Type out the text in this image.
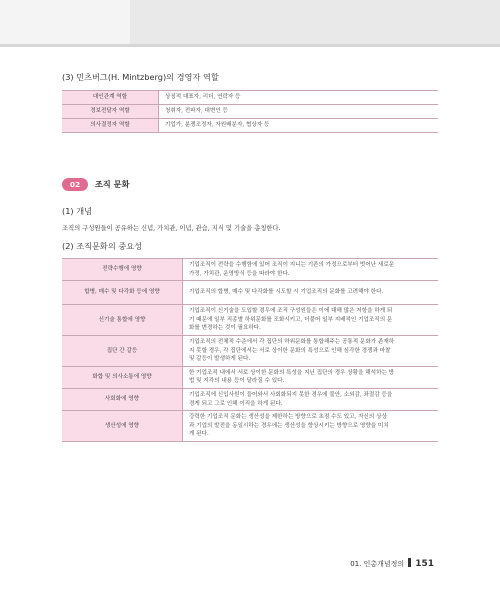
(3) 민츠버그(H. Mintzberg)의 경영자 역할
대인관계 역할	상징적 대표자, 리더, 연락자 등
정보전달자 역할	청취자, 전파자, 대변인 등
의사결정자 역할	기업가, 분쟁조정자, 자원배분자, 협상자 등
02	조직 문화
(1) 개념
조직의 구성원들이 공유하는 신념, 가치관, 이념, 관습, 지식 및 기술을 총칭한다.
(2) 조직문화의 중요성
전략수행에 영향	기업조직이 전략을 수행함에 있어 조직이 지니는 기존의 가정으로부터 벗어난 새로운
가정, 가치관, 운영방식 등을 따라야 한다.

합병, 매수 및 다각화 등에 영향	기업조직의 합병, 매수 및 다각화를 시도할 시 기업조직의 문화를 고려해야 한다.

신기술 통합에 영향	기업조직이 신기술을 도입할 경우에 조직 구성원들은 이에 대해 많은 저항을 하게 되
기 때문에 일부 직종별 하위문화를 조화시키고, 더불어 일부 지배적인 기업조직의 문
화를 변경하는 것이 필요하다.

집단 간 갈등	기업조직의 전체적 수준에서 각 집단의 하위문화를 통합해주는 공통적 문화가 존재하
지 못할 경우, 각 집단에서는 서로 상이한 문화의 특성으로 인해 심각한 경쟁과 마찰
및 갈등이 발생하게 된다.

화합 및 의사소통에 영향	한 기업조직 내에서 서로 상이한 문화의 특성을 지닌 집단의 경우 상황을 해석하는 방
법 및 지각의 내용 등이 달라질 수 있다.

사회화에 영향	기업조직에 신입사원이 들어와서 사회화되지 못한 경우에 불안, 소외감, 좌절감 등을
경게 되고 그로 인해 이직을 하게 된다.

생산성에 영향	강력한 기업조직 문화는 생산성을 제한하는 방향으로 초점 수도 있고, 자신의 상상
과 기업의 발전을 동일시하는 경우에는 생산성을 향상시키는 방향으로 영향을 미치
게 된다.
01. 인총개념정의 151
